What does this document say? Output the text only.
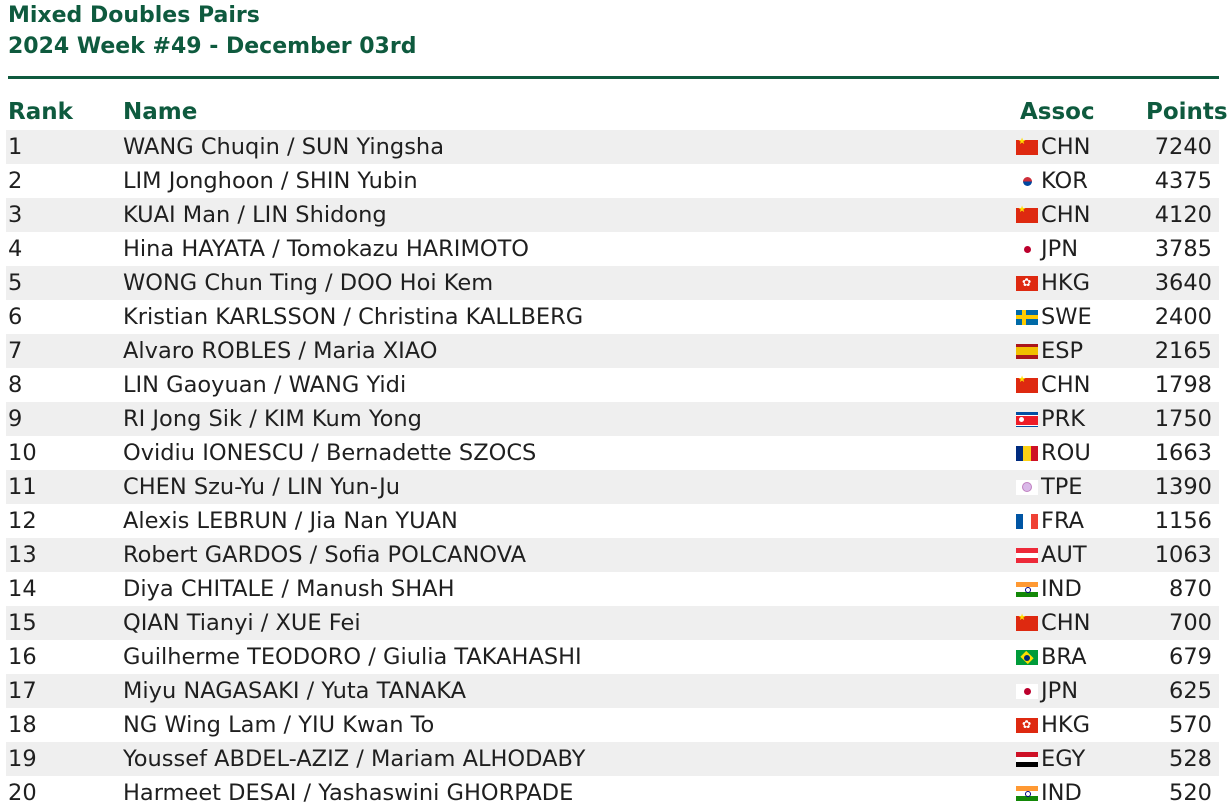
Mixed Doubles Pairs
2024 Week #49 - December 03rd
Rank Name	Assoc Points
1	WANG Chuqin / SUN Yingsha ★	CHN	7240
2	LIM Jonghoon / SHIN Yubin	KOR	4375
3	KUAI Man / LIN Shidong ★	CHN	4120
4	Hina HAYATA / Tomokazu HARIMOTO	JPN	3785
5	WONG Chun Ting / DOO Hoi Kem ✿	HKG	3640
6	Kristian KARLSSON / Christina KALLBERG	SWE	2400
7	Alvaro ROBLES / Maria XIAO	ESP	2165
8	LIN Gaoyuan / WANG Yidi ★	CHN	1798
9	RI Jong Sik / KIM Kum Yong	PRK	1750
10	Ovidiu IONESCU / Bernadette SZOCS	ROU	1663
11	CHEN Szu-Yu / LIN Yun-Ju	TPE	1390
12	Alexis LEBRUN / Jia Nan YUAN	FRA	1156
13	Robert GARDOS / Sofia POLCANOVA	AUT	1063
14	Diya CHITALE / Manush SHAH	IND	870
15	QIAN Tianyi / XUE Fei ★	CHN	700
16	Guilherme TEODORO / Giulia TAKAHASHI	BRA	679
17	Miyu NAGASAKI / Yuta TANAKA	JPN	625
18	NG Wing Lam / YIU Kwan To ✿	HKG	570
19	Youssef ABDEL-AZIZ / Mariam ALHODABY	EGY	528
20	Harmeet DESAI / Yashaswini GHORPADE	IND	520
